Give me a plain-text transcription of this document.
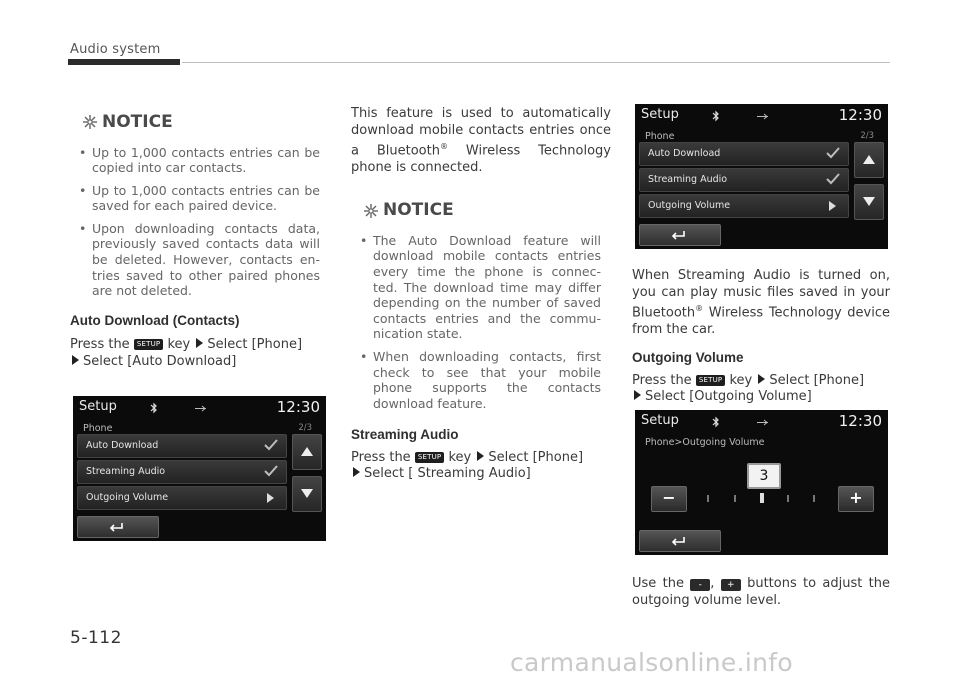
Audio system
NOTICE
• Up to 1,000 contacts entries can be copied into car contacts.
• Up to 1,000 contacts entries can be saved for each paired device.
• Upon downloading contacts data, previously saved contacts data will be deleted. However, contacts en- tries saved to other paired phones are not deleted.
Auto Download (Contacts)

Press the SETUP key Select [Phone]
Select [Auto Download]

Setup	12:30
Phone	2/3
Auto Download
Streaming Audio
Outgoing Volume

This feature is used to automatically download mobile contacts entries once a Bluetooth® Wireless Technology phone is connected.

NOTICE
• The Auto Download feature will download mobile contacts entries every time the phone is connec- ted. The download time may differ depending on the number of saved contacts entries and the commu- nication state.
• When downloading contacts, first check to see that your mobile phone supports the contacts download feature.
Streaming Audio

Press the SETUP key Select [Phone]
Select [ Streaming Audio]

Setup	12:30
Phone	2/3
Auto Download
Streaming Audio
Outgoing Volume

When Streaming Audio is turned on, you can play music files saved in your Bluetooth® Wireless Technology device from the car.

Outgoing Volume

Press the SETUP key Select [Phone]
Select [Outgoing Volume]

Setup	12:30
Phone>Outgoing Volume
3
−	+

Use the - , + buttons to adjust the outgoing volume level.

5-112
carmanualsonline.info
